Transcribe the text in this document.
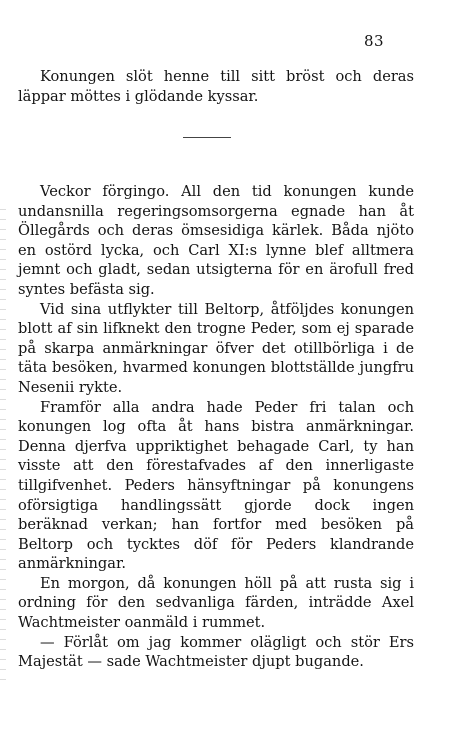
83

Konungen slöt henne till sitt bröst och deras läppar möttes i glödande kyssar.

Veckor förgingo. All den tid konungen kunde undansnilla regeringsomsorgerna egnade han åt Öllegårds och deras ömsesidiga kärlek. Båda njöto en ostörd lycka, och Carl XI:s lynne blef alltmera jemnt och gladt, sedan utsigterna för en ärofull fred syntes befästa sig.

Vid sina utflykter till Beltorp, åtföljdes konungen blott af sin lifknekt den trogne Peder, som ej sparade på skarpa anmärkningar öfver det otillbörliga i de täta besöken, hvarmed konungen blottställde jungfru Nesenii rykte.

Framför alla andra hade Peder fri talan och konungen log ofta åt hans bistra anmärkningar. Denna djerfva uppriktighet behagade Carl, ty han visste att den förestafvades af den innerligaste tillgifvenhet. Peders hänsyftningar på konungens oförsigtiga handlingssätt gjorde dock ingen beräknad verkan; han fortfor med besöken på Beltorp och tycktes döf för Peders klandrande anmärkningar.

En morgon, då konungen höll på att rusta sig i ordning för den sedvanliga färden, inträdde Axel Wachtmeister oanmäld i rummet.

— Förlåt om jag kommer olägligt och stör Ers Majestät — sade Wachtmeister djupt bugande.
